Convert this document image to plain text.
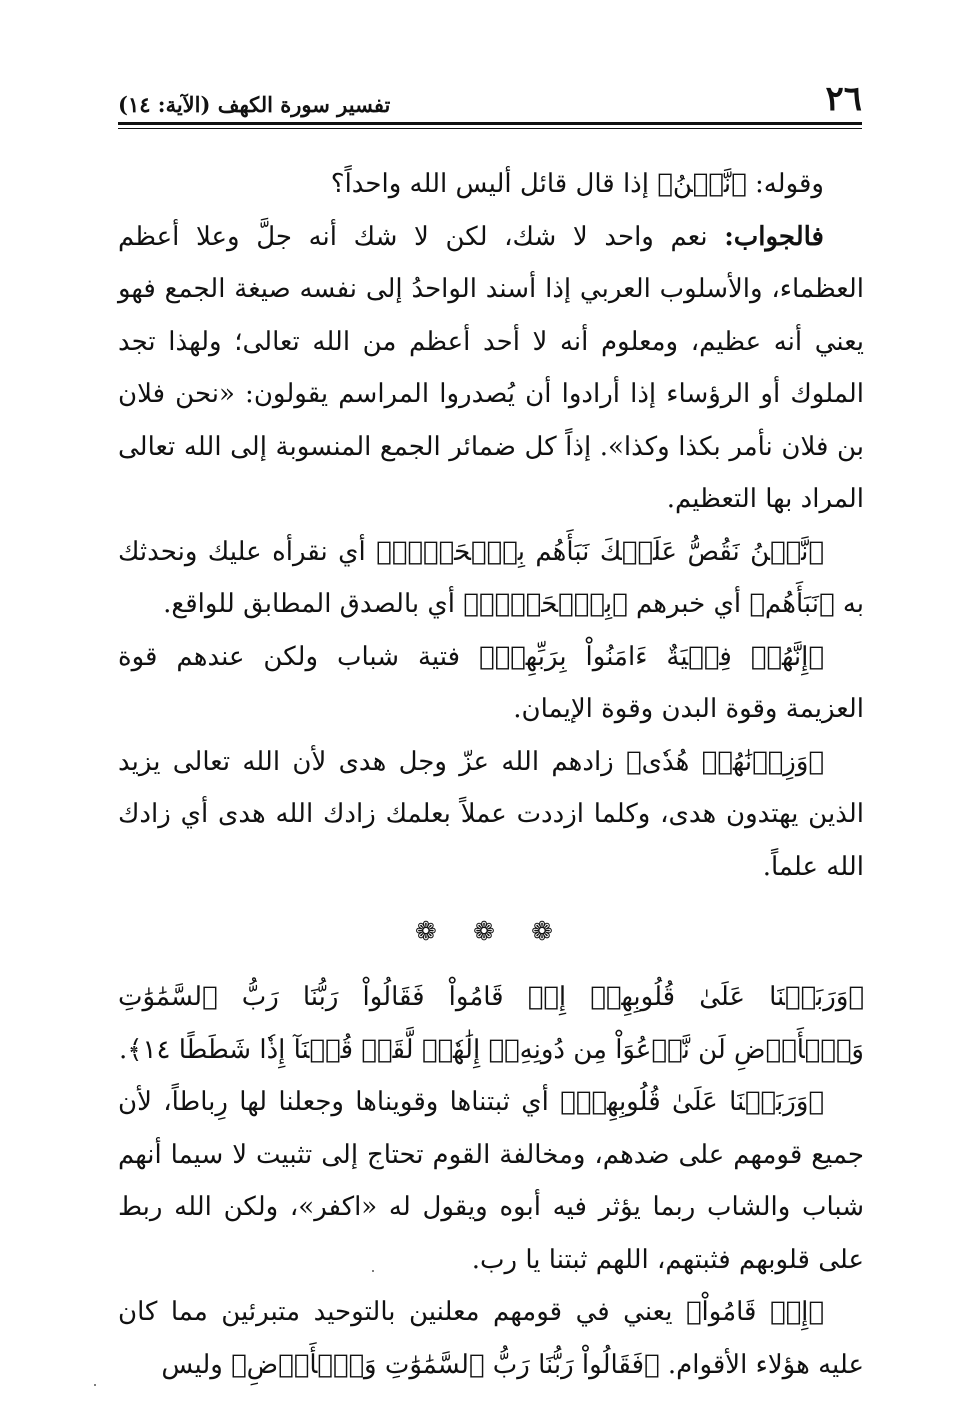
٢٦
تفسير سورة الكهف (الآية: ١٤)

وقوله: ﴿نَّحۡنُ﴾ إذا قال قائل أليس الله واحداً؟

فالجواب: نعم واحد لا شك، لكن لا شك أنه جلَّ وعلا أعظم العظماء، والأسلوب العربي إذا أسند الواحدُ إلى نفسه صيغة الجمع فهو يعني أنه عظيم، ومعلوم أنه لا أحد أعظم من الله تعالى؛ ولهذا تجد الملوك أو الرؤساء إذا أرادوا أن يُصدروا المراسم يقولون: «نحن فلان بن فلان نأمر بكذا وكذا». إذاً كل ضمائر الجمع المنسوبة إلى الله تعالى المراد بها التعظيم.

﴿نَّحۡنُ نَقُصُّ عَلَيۡكَ نَبَأَهُم بِٱلۡحَقِّۚ﴾ أي نقرأه عليك ونحدثك به ﴿نَبَأَهُم﴾ أي خبرهم ﴿بِٱلۡحَقِّۚ﴾ أي بالصدق المطابق للواقع.

﴿إِنَّهُمۡ فِتۡيَةٌ ءَامَنُواْ بِرَبِّهِمۡ﴾ فتية شباب ولكن عندهم قوة العزيمة وقوة البدن وقوة الإيمان.

﴿وَزِدۡنَٰهُمۡ هُدٗى﴾ زادهم الله عزّ وجل هدى لأن الله تعالى يزيد الذين يهتدون هدى، وكلما ازددت عملاً بعلمك زادك الله هدى أي زادك الله علماً.

❁ ❁ ❁

﴿وَرَبَطۡنَا عَلَىٰ قُلُوبِهِمۡ إِذۡ قَامُواْ فَقَالُواْ رَبُّنَا رَبُّ ٱلسَّمَٰوَٰتِ وَٱلۡأَرۡضِ لَن نَّدۡعُوَاْ مِن دُونِهِۦٓ إِلَٰهٗاۖ لَّقَدۡ قُلۡنَآ إِذٗا شَطَطًا ١٤﴾.

﴿وَرَبَطۡنَا عَلَىٰ قُلُوبِهِمۡ﴾ أي ثبتناها وقويناها وجعلنا لها رِباطاً، لأن جميع قومهم على ضدهم، ومخالفة القوم تحتاج إلى تثبيت لا سيما أنهم شباب والشاب ربما يؤثر فيه أبوه ويقول له «اكفر»، ولكن الله ربط على قلوبهم فثبتهم، اللهم ثبتنا يا رب.

﴿إِذۡ قَامُواْ﴾ يعني في قومهم معلنين بالتوحيد متبرئين مما كان عليه هؤلاء الأقوام. ﴿فَقَالُواْ رَبُّنَا رَبُّ ٱلسَّمَٰوَٰتِ وَٱلۡأَرۡضِ﴾ وليس
